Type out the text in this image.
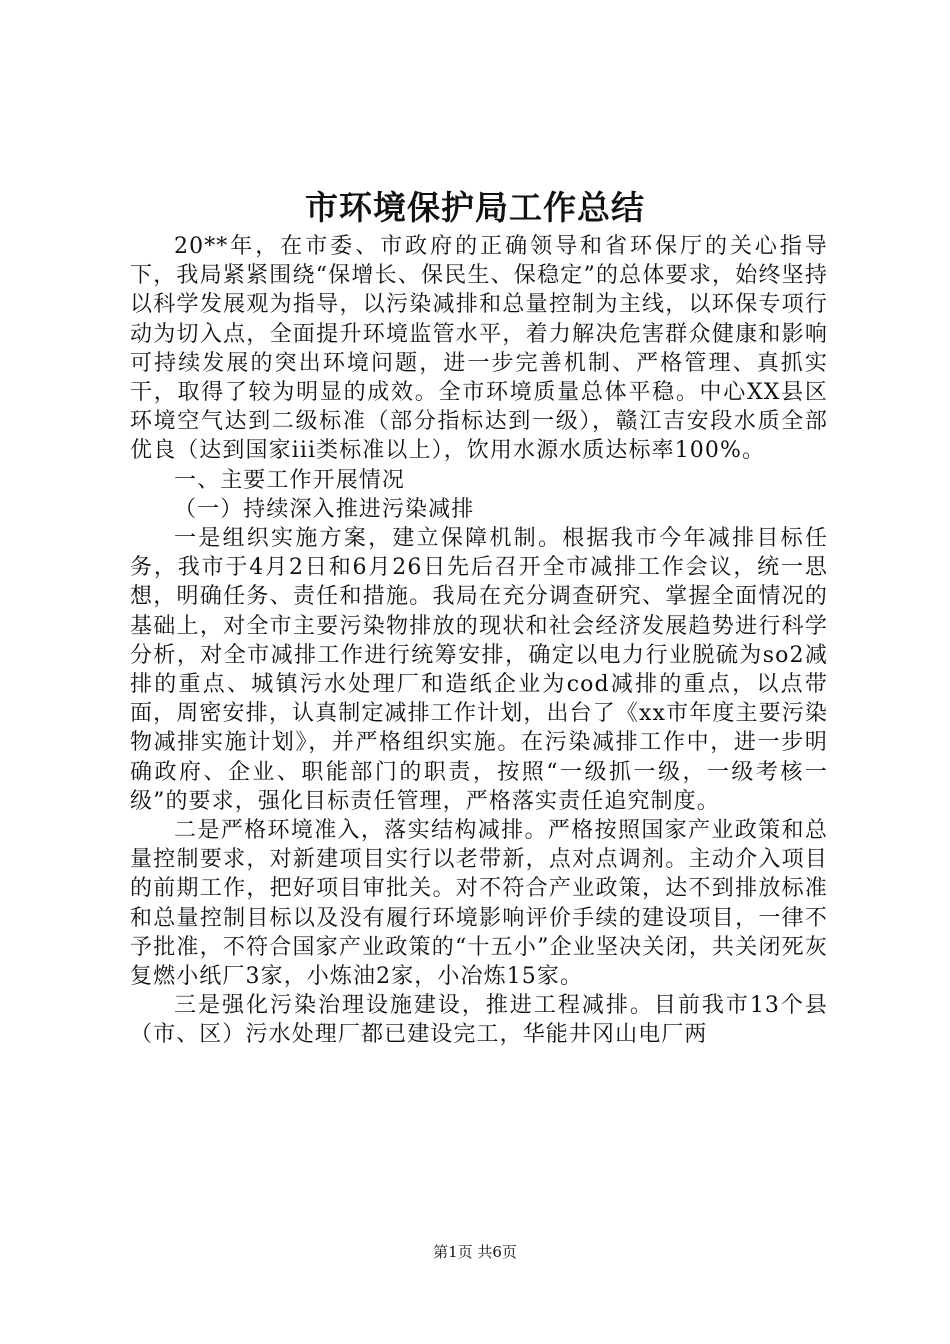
市环境保护局工作总结

20**年，在市委、市政府的正确领导和省环保厅的关心指导下，我局紧紧围绕“保增长、保民生、保稳定”的总体要求，始终坚持以科学发展观为指导，以污染减排和总量控制为主线，以环保专项行动为切入点，全面提升环境监管水平，着力解决危害群众健康和影响可持续发展的突出环境问题，进一步完善机制、严格管理、真抓实干，取得了较为明显的成效。全市环境质量总体平稳。中心XX县区环境空气达到二级标准（部分指标达到一级），赣江吉安段水质全部优良（达到国家iii类标准以上），饮用水源水质达标率100%。

一、主要工作开展情况

（一）持续深入推进污染减排

一是组织实施方案，建立保障机制。根据我市今年减排目标任务，我市于4月2日和6月26日先后召开全市减排工作会议，统一思想，明确任务、责任和措施。我局在充分调查研究、掌握全面情况的基础上，对全市主要污染物排放的现状和社会经济发展趋势进行科学分析，对全市减排工作进行统筹安排，确定以电力行业脱硫为so2减排的重点、城镇污水处理厂和造纸企业为cod减排的重点，以点带面，周密安排，认真制定减排工作计划，出台了《xx市年度主要污染物减排实施计划》，并严格组织实施。在污染减排工作中，进一步明确政府、企业、职能部门的职责，按照“一级抓一级，一级考核一级”的要求，强化目标责任管理，严格落实责任追究制度。

二是严格环境准入，落实结构减排。严格按照国家产业政策和总量控制要求，对新建项目实行以老带新，点对点调剂。主动介入项目的前期工作，把好项目审批关。对不符合产业政策，达不到排放标准和总量控制目标以及没有履行环境影响评价手续的建设项目，一律不予批准，不符合国家产业政策的“十五小”企业坚决关闭，共关闭死灰复燃小纸厂3家，小炼油2家，小冶炼15家。

三是强化污染治理设施建设，推进工程减排。目前我市13个县（市、区）污水处理厂都已建设完工，华能井冈山电厂两

第1页 共6页
